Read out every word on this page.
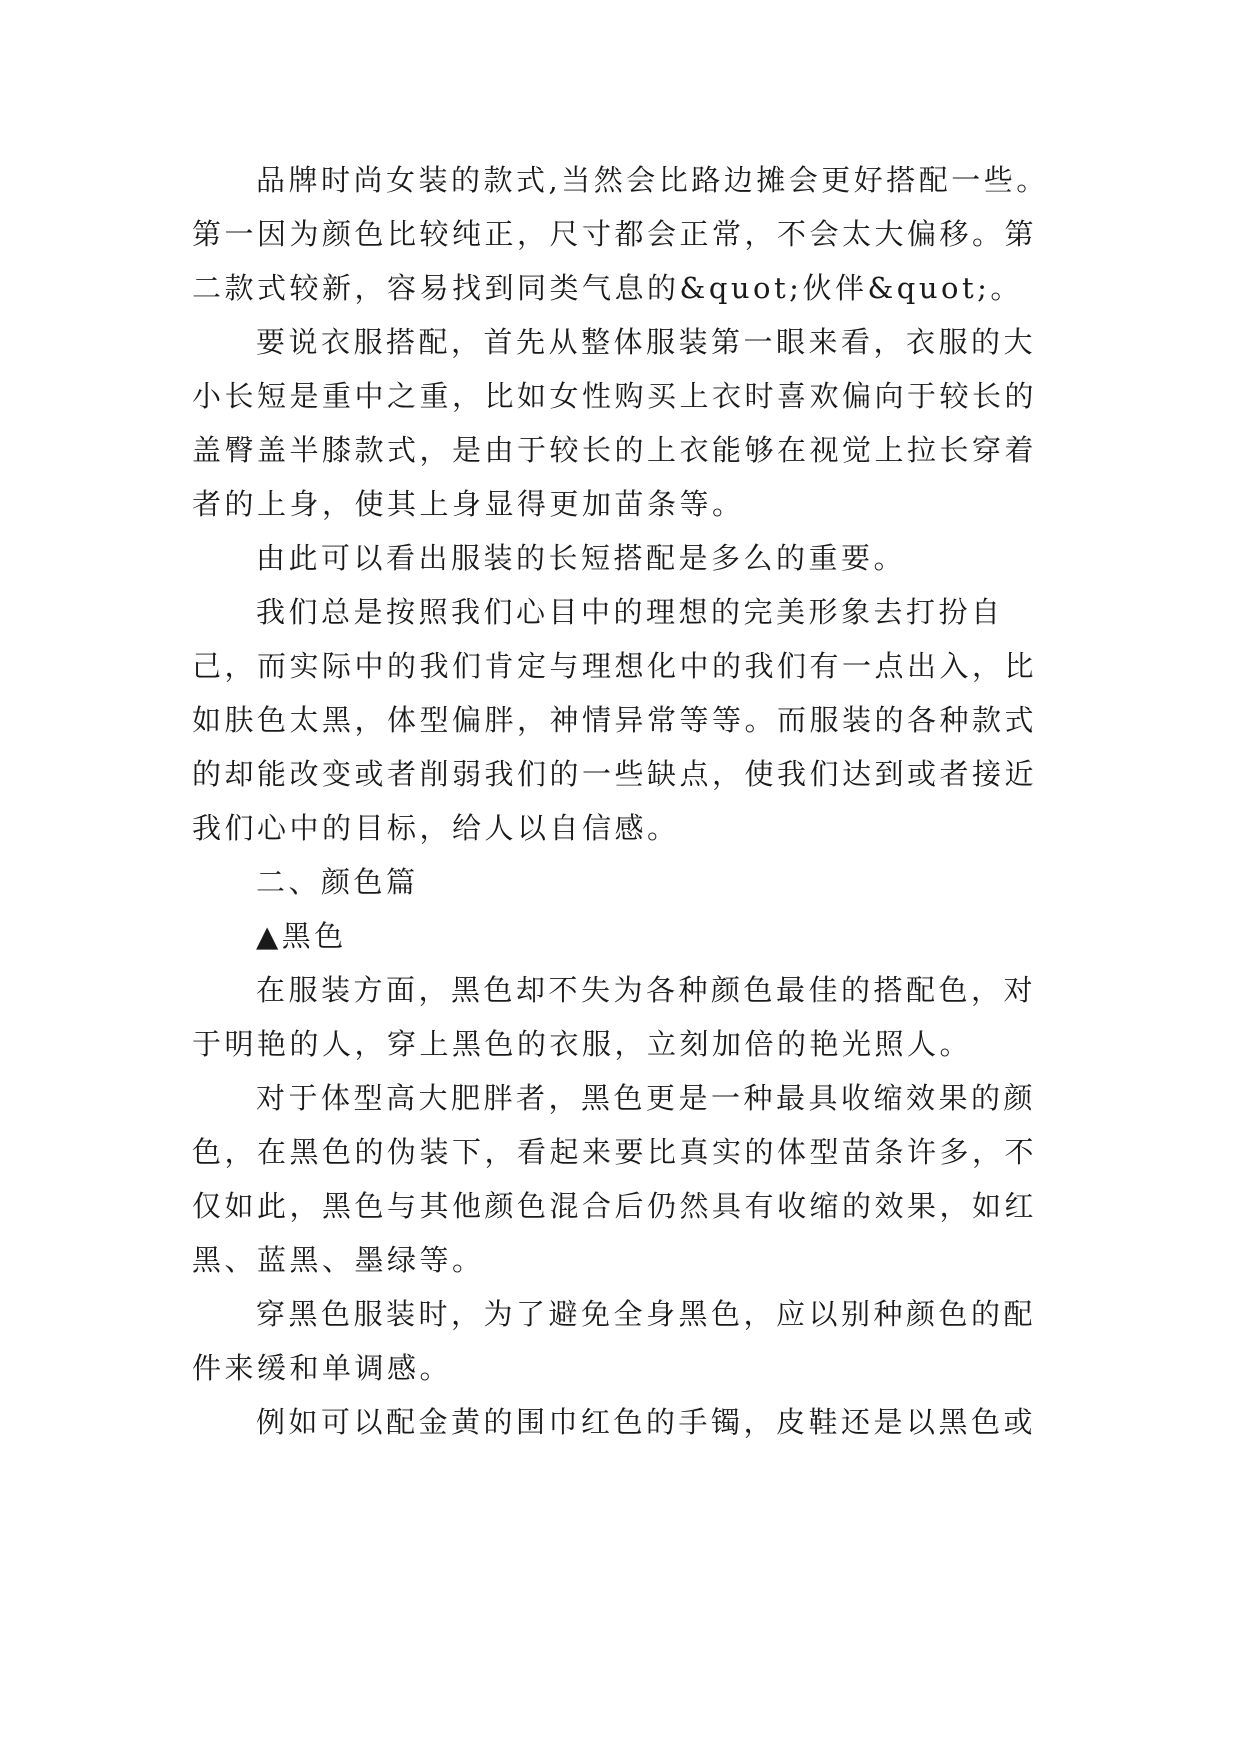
品牌时尚女装的款式,当然会比路边摊会更好搭配一些。
第一因为颜色比较纯正，尺寸都会正常，不会太大偏移。第
二款式较新，容易找到同类气息的&quot;伙伴&quot;。
要说衣服搭配，首先从整体服装第一眼来看，衣服的大
小长短是重中之重，比如女性购买上衣时喜欢偏向于较长的
盖臀盖半膝款式，是由于较长的上衣能够在视觉上拉长穿着
者的上身，使其上身显得更加苗条等。
由此可以看出服装的长短搭配是多么的重要。
我们总是按照我们心目中的理想的完美形象去打扮自
己，而实际中的我们肯定与理想化中的我们有一点出入，比
如肤色太黑，体型偏胖，神情异常等等。而服装的各种款式
的却能改变或者削弱我们的一些缺点，使我们达到或者接近
我们心中的目标，给人以自信感。
二、颜色篇
▲黑色
在服装方面，黑色却不失为各种颜色最佳的搭配色，对
于明艳的人，穿上黑色的衣服，立刻加倍的艳光照人。
对于体型高大肥胖者，黑色更是一种最具收缩效果的颜
色，在黑色的伪装下，看起来要比真实的体型苗条许多，不
仅如此，黑色与其他颜色混合后仍然具有收缩的效果，如红
黑、蓝黑、墨绿等。
穿黑色服装时，为了避免全身黑色，应以别种颜色的配
件来缓和单调感。
例如可以配金黄的围巾红色的手镯，皮鞋还是以黑色或
